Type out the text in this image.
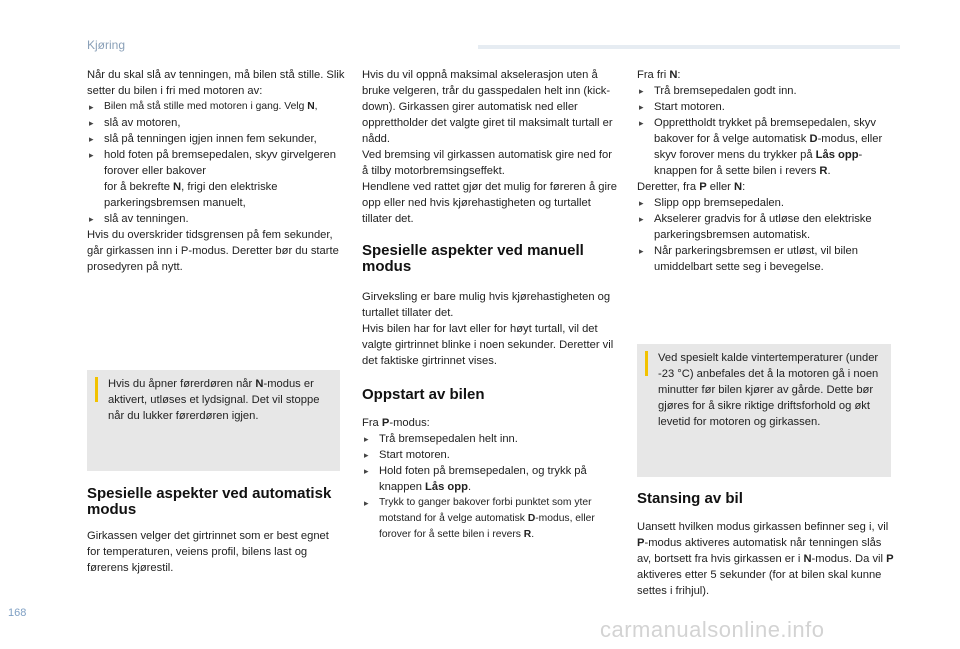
Kjøring

Når du skal slå av tenningen, må bilen stå stille. Slik setter du bilen i fri med motoren av:

▸ Bilen må stå stille med motoren i gang. Velg N,

▸ slå av motoren,

▸ slå på tenningen igjen innen fem sekunder,

▸ hold foten på bremsepedalen, skyv girvelgeren forover eller bakover
for å bekrefte N, frigi den elektriske parkeringsbremsen manuelt,

▸ slå av tenningen.

Hvis du overskrider tidsgrensen på fem sekunder, går girkassen inn i P-modus. Deretter bør du starte prosedyren på nytt.

Hvis du åpner førerdøren når N-modus er aktivert, utløses et lydsignal. Det vil stoppe når du lukker førerdøren igjen.

Spesielle aspekter ved automatisk modus

Girkassen velger det girtrinnet som er best egnet for temperaturen, veiens profil, bilens last og førerens kjørestil.

Hvis du vil oppnå maksimal akselerasjon uten å bruke velgeren, trår du gasspedalen helt inn (kick-down). Girkassen girer automatisk ned eller opprettholder det valgte giret til maksimalt turtall er nådd.

Ved bremsing vil girkassen automatisk gire ned for å tilby motorbremsingseffekt.

Hendlene ved rattet gjør det mulig for føreren å gire opp eller ned hvis kjørehastigheten og turtallet tillater det.

Spesielle aspekter ved manuell modus

Girveksling er bare mulig hvis kjørehastigheten og turtallet tillater det.

Hvis bilen har for lavt eller for høyt turtall, vil det valgte girtrinnet blinke i noen sekunder. Deretter vil det faktiske girtrinnet vises.

Oppstart av bilen

Fra P-modus:

▸ Trå bremsepedalen helt inn.

▸ Start motoren.

▸ Hold foten på bremsepedalen, og trykk på knappen Lås opp.

▸ Trykk to ganger bakover forbi punktet som yter motstand for å velge automatisk D-modus, eller forover for å sette bilen i revers R.

Fra fri N:

▸ Trå bremsepedalen godt inn.

▸ Start motoren.

▸ Opprettholdt trykket på bremsepedalen, skyv bakover for å velge automatisk D-modus, eller skyv forover mens du trykker på Lås opp-knappen for å sette bilen i revers R.

Deretter, fra P eller N:

▸ Slipp opp bremsepedalen.

▸ Akselerer gradvis for å utløse den elektriske parkeringsbremsen automatisk.

▸ Når parkeringsbremsen er utløst, vil bilen umiddelbart sette seg i bevegelse.

Ved spesielt kalde vintertemperaturer (under -23 °C) anbefales det å la motoren gå i noen minutter før bilen kjører av gårde. Dette bør gjøres for å sikre riktige driftsforhold og økt levetid for motoren og girkassen.

Stansing av bil

Uansett hvilken modus girkassen befinner seg i, vil P-modus aktiveres automatisk når tenningen slås av, bortsett fra hvis girkassen er i N-modus. Da vil P aktiveres etter 5 sekunder (for at bilen skal kunne settes i frihjul).

168
carmanualsonline.info
